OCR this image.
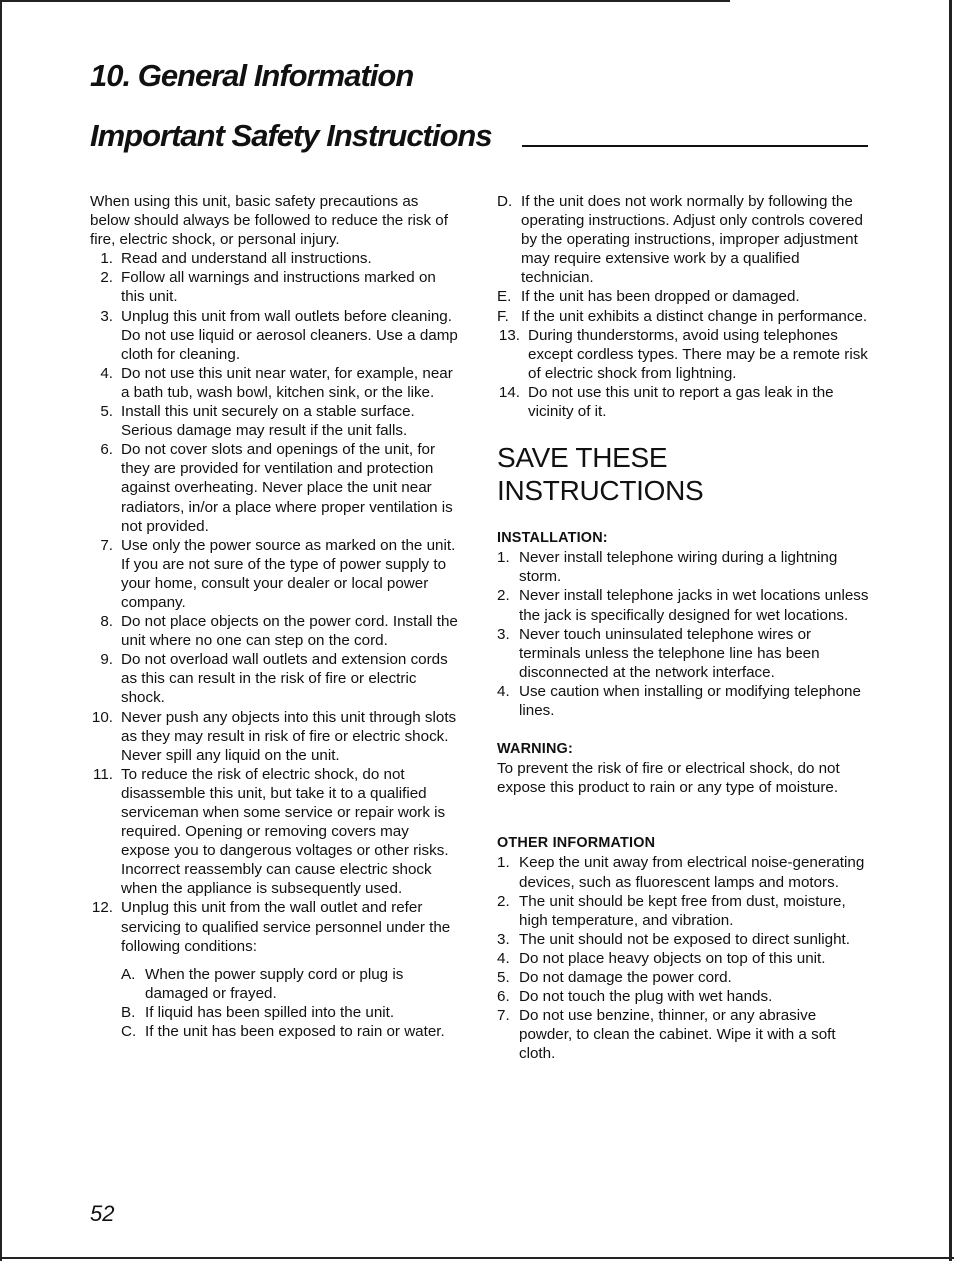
10. General Information
Important Safety Instructions

When using this unit, basic safety precautions as below should always be followed to reduce the risk of fire, electric shock, or personal injury.

1. Read and understand all instructions.
2. Follow all warnings and instructions marked on this unit.
3. Unplug this unit from wall outlets before cleaning. Do not use liquid or aerosol cleaners. Use a damp cloth for cleaning.
4. Do not use this unit near water, for example, near a bath tub, wash bowl, kitchen sink, or the like.
5. Install this unit securely on a stable surface. Serious damage may result if the unit falls.
6. Do not cover slots and openings of the unit, for they are provided for ventilation and protection against overheating. Never place the unit near radiators, in/or a place where proper ventilation is not provided.
7. Use only the power source as marked on the unit. If you are not sure of the type of power supply to your home, consult your dealer or local power company.
8. Do not place objects on the power cord. Install the unit where no one can step on the cord.
9. Do not overload wall outlets and extension cords as this can result in the risk of fire or electric shock.
10. Never push any objects into this unit through slots as they may result in risk of fire or electric shock. Never spill any liquid on the unit.
11. To reduce the risk of electric shock, do not disassemble this unit, but take it to a qualified serviceman when some service or repair work is required. Opening or removing covers may expose you to dangerous voltages or other risks. Incorrect reassembly can cause electric shock when the appliance is subsequently used.
12. Unplug this unit from the wall outlet and refer servicing to qualified service personnel under the following conditions:
A. When the power supply cord or plug is damaged or frayed.
B. If liquid has been spilled into the unit.
C. If the unit has been exposed to rain or water.
D. If the unit does not work normally by following the operating instructions. Adjust only controls covered by the operating instructions, improper adjustment may require extensive work by a qualified technician.
E. If the unit has been dropped or damaged.
F. If the unit exhibits a distinct change in performance.
13. During thunderstorms, avoid using telephones except cordless types. There may be a remote risk of electric shock from lightning.
14. Do not use this unit to report a gas leak in the vicinity of it.
SAVE THESE
INSTRUCTIONS
INSTALLATION:
1. Never install telephone wiring during a lightning storm.
2. Never install telephone jacks in wet locations unless the jack is specifically designed for wet locations.
3. Never touch uninsulated telephone wires or terminals unless the telephone line has been disconnected at the network interface.
4. Use caution when installing or modifying telephone lines.
WARNING:

To prevent the risk of fire or electrical shock, do not expose this product to rain or any type of moisture.

OTHER INFORMATION
1. Keep the unit away from electrical noise-generating devices, such as fluorescent lamps and motors.
2. The unit should be kept free from dust, moisture, high temperature, and vibration.
3. The unit should not be exposed to direct sunlight.
4. Do not place heavy objects on top of this unit.
5. Do not damage the power cord.
6. Do not touch the plug with wet hands.
7. Do not use benzine, thinner, or any abrasive powder, to clean the cabinet. Wipe it with a soft cloth.
52
